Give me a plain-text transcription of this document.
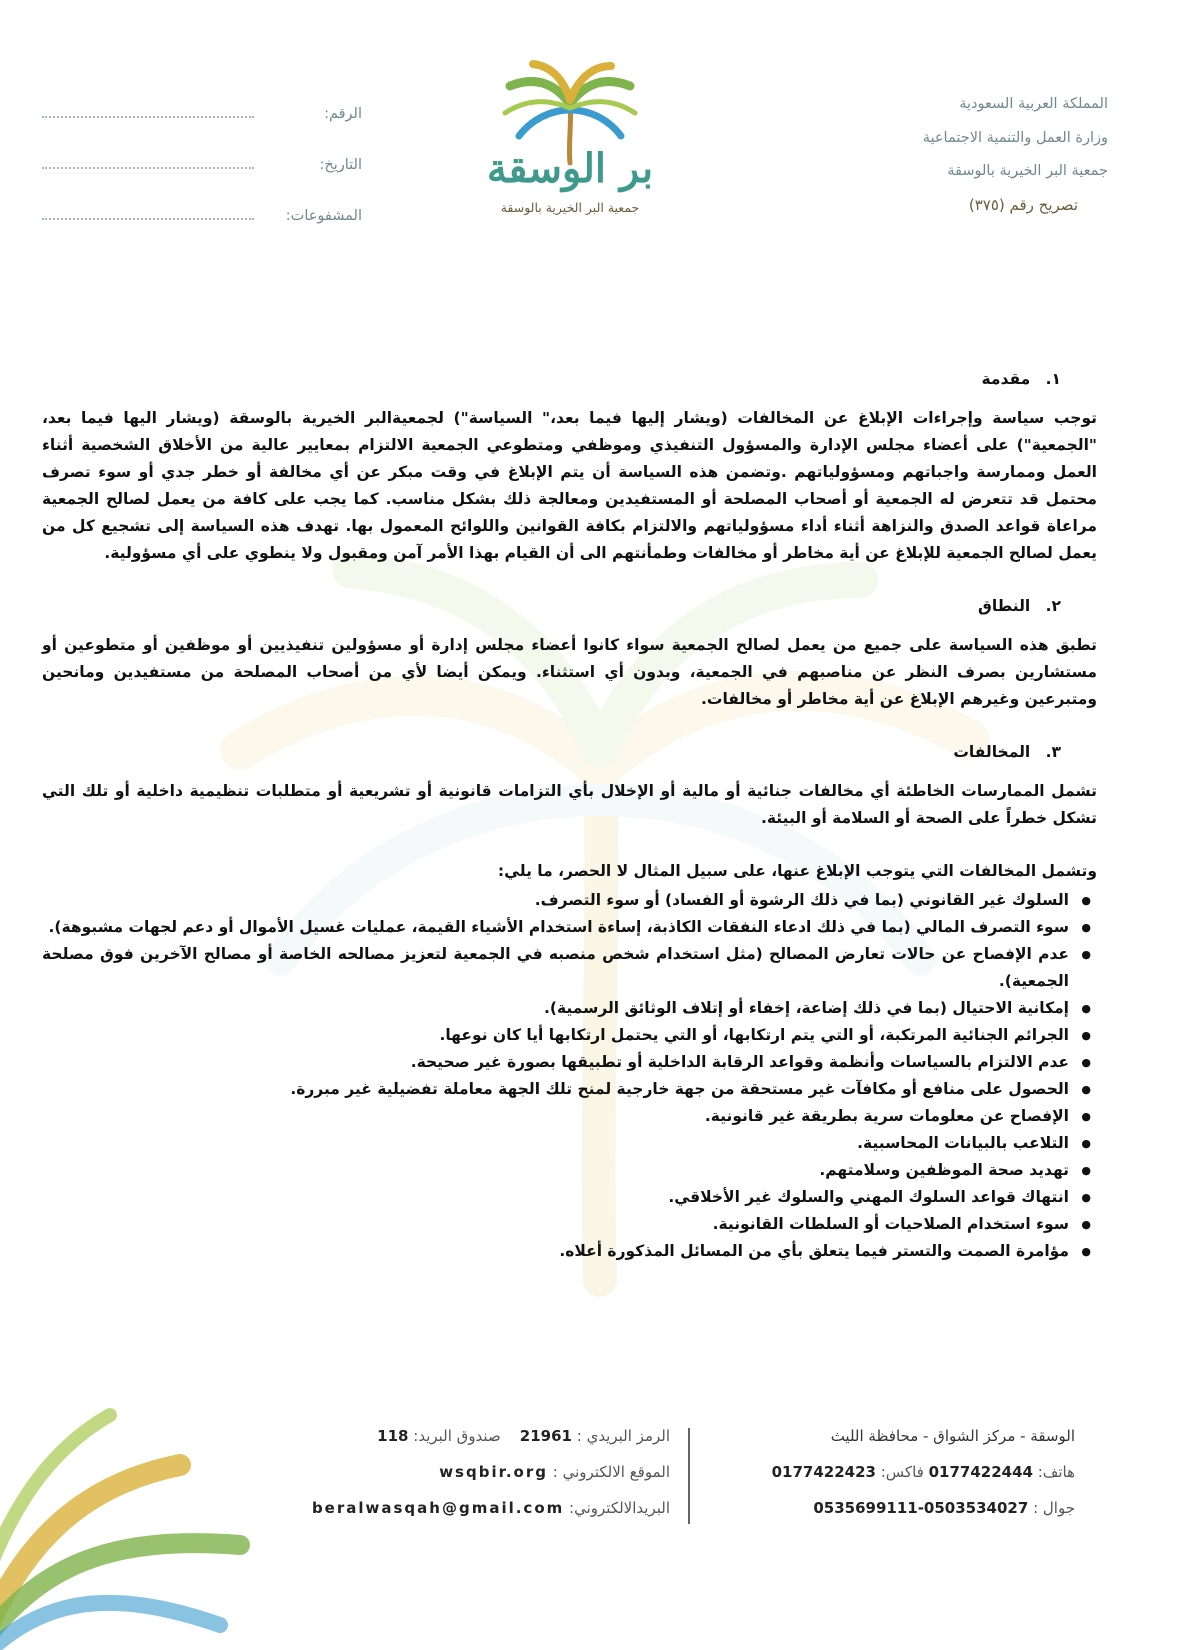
المملكة العربية السعودية
وزارة العمل والتنمية الاجتماعية
جمعية البر الخيرية بالوسقة
تصريح رقم (٣٧٥)
بر الوسقة
جمعية البر الخيرية بالوسقة
الرقم:
التاريخ:
المشفوعات:
١. مقدمة

توجب سياسة وإجراءات الإبلاغ عن المخالفات (ويشار إليها فيما بعد،" السياسة") لجمعيةالبر الخيرية بالوسقة (ويشار اليها فيما بعد، "الجمعية") على أعضاء مجلس الإدارة والمسؤول التنفيذي وموظفي ومتطوعي الجمعية الالتزام بمعايير عالية من الأخلاق الشخصية أثناء العمل وممارسة واجباتهم ومسؤولياتهم .وتضمن هذه السياسة أن يتم الإبلاغ في وقت مبكر عن أي مخالفة أو خطر جدي أو سوء تصرف محتمل قد تتعرض له الجمعية أو أصحاب المصلحة أو المستفيدين ومعالجة ذلك بشكل مناسب. كما يجب على كافة من يعمل لصالح الجمعية مراعاة قواعد الصدق والنزاهة أثناء أداء مسؤولياتهم والالتزام بكافة القوانين واللوائح المعمول بها. تهدف هذه السياسة إلى تشجيع كل من يعمل لصالح الجمعية للإبلاغ عن أية مخاطر أو مخالفات وطمأنتهم الى أن القيام بهذا الأمر آمن ومقبول ولا ينطوي على أي مسؤولية.

٢. النطاق

تطبق هذه السياسة على جميع من يعمل لصالح الجمعية سواء كانوا أعضاء مجلس إدارة أو مسؤولين تنفيذيين أو موظفين أو متطوعين أو مستشارين بصرف النظر عن مناصبهم في الجمعية، وبدون أي استثناء. ويمكن أيضا لأي من أصحاب المصلحة من مستفيدين ومانحين ومتبرعين وغيرهم الإبلاغ عن أية مخاطر أو مخالفات.

٣. المخالفات

تشمل الممارسات الخاطئة أي مخالفات جنائية أو مالية أو الإخلال بأي التزامات قانونية أو تشريعية أو متطلبات تنظيمية داخلية أو تلك التي تشكل خطراً على الصحة أو السلامة أو البيئة.

وتشمل المخالفات التي يتوجب الإبلاغ عنها، على سبيل المثال لا الحصر، ما يلي:

● السلوك غير القانوني (بما في ذلك الرشوة أو الفساد) أو سوء التصرف.
● سوء التصرف المالي (بما في ذلك ادعاء النفقات الكاذبة، إساءة استخدام الأشياء القيمة، عمليات غسيل الأموال أو دعم لجهات مشبوهة).
● عدم الإفصاح عن حالات تعارض المصالح (مثل استخدام شخص منصبه في الجمعية لتعزيز مصالحه الخاصة أو مصالح الآخرين فوق مصلحة الجمعية).
● إمكانية الاحتيال (بما في ذلك إضاعة، إخفاء أو إتلاف الوثائق الرسمية).
● الجرائم الجنائية المرتكبة، أو التي يتم ارتكابها، أو التي يحتمل ارتكابها أيا كان نوعها.
● عدم الالتزام بالسياسات وأنظمة وقواعد الرقابة الداخلية أو تطبيقها بصورة غير صحيحة.
● الحصول على منافع أو مكافآت غير مستحقة من جهة خارجية لمنح تلك الجهة معاملة تفضيلية غير مبررة.
● الإفصاح عن معلومات سرية بطريقة غير قانونية.
● التلاعب بالبيانات المحاسبية.
● تهديد صحة الموظفين وسلامتهم.
● انتهاك قواعد السلوك المهني والسلوك غير الأخلاقي.
● سوء استخدام الصلاحيات أو السلطات القانونية.
● مؤامرة الصمت والتستر فيما يتعلق بأي من المسائل المذكورة أعلاه.
الوسقة - مركز الشواق - محافظة الليث
هاتف: 0177422444 فاكس: 0177422423
جوال : 0535699111-0503534027
الرمز البريدي : 21961    صندوق البريد: 118
الموقع الالكتروني : wsqbir.org
البريدالالكتروني: beralwasqah@gmail.com
